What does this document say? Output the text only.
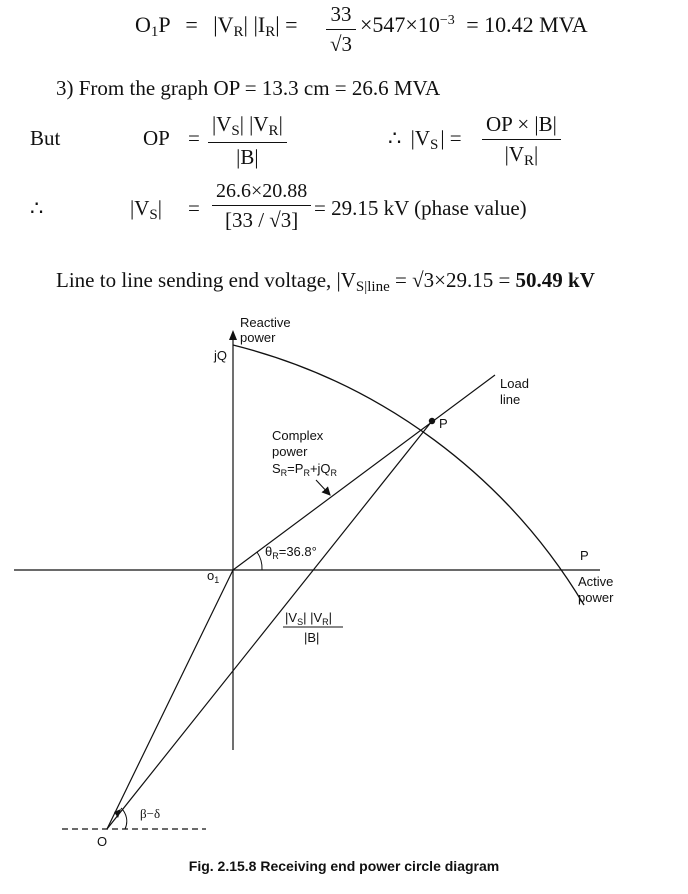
$O_1P = |V_R|$ $|I_R| = 33$
√3
$\times 547\times 10^{-3} = 10.42$ MVA
3) From the graph OP = 13.3 cm = 26.6 MVA
But	OP =
$|V_S|$ $|V_R|$
|B|
∴ $|V_S|$ =
OP × |B|
$|V_R|$
∴	$|V_S|$ =
26.6×20.88
[33 / √3] = 29.15 kV (phase value)
Line to line sending end voltage, $|V_{S|line} = √3\times 29.15 = 50.49$ kV
Reactive
power
jQ
Load
line
P
Complex
power
$S_R=P_R+jQ_R$
$\theta_R=36.8^\circ$	P
Active
power
$o_1$
$|V_S|$ $|V_R|$
|B|
β−δ
O
Fig. 2.15.8 Receiving end power circle diagram
